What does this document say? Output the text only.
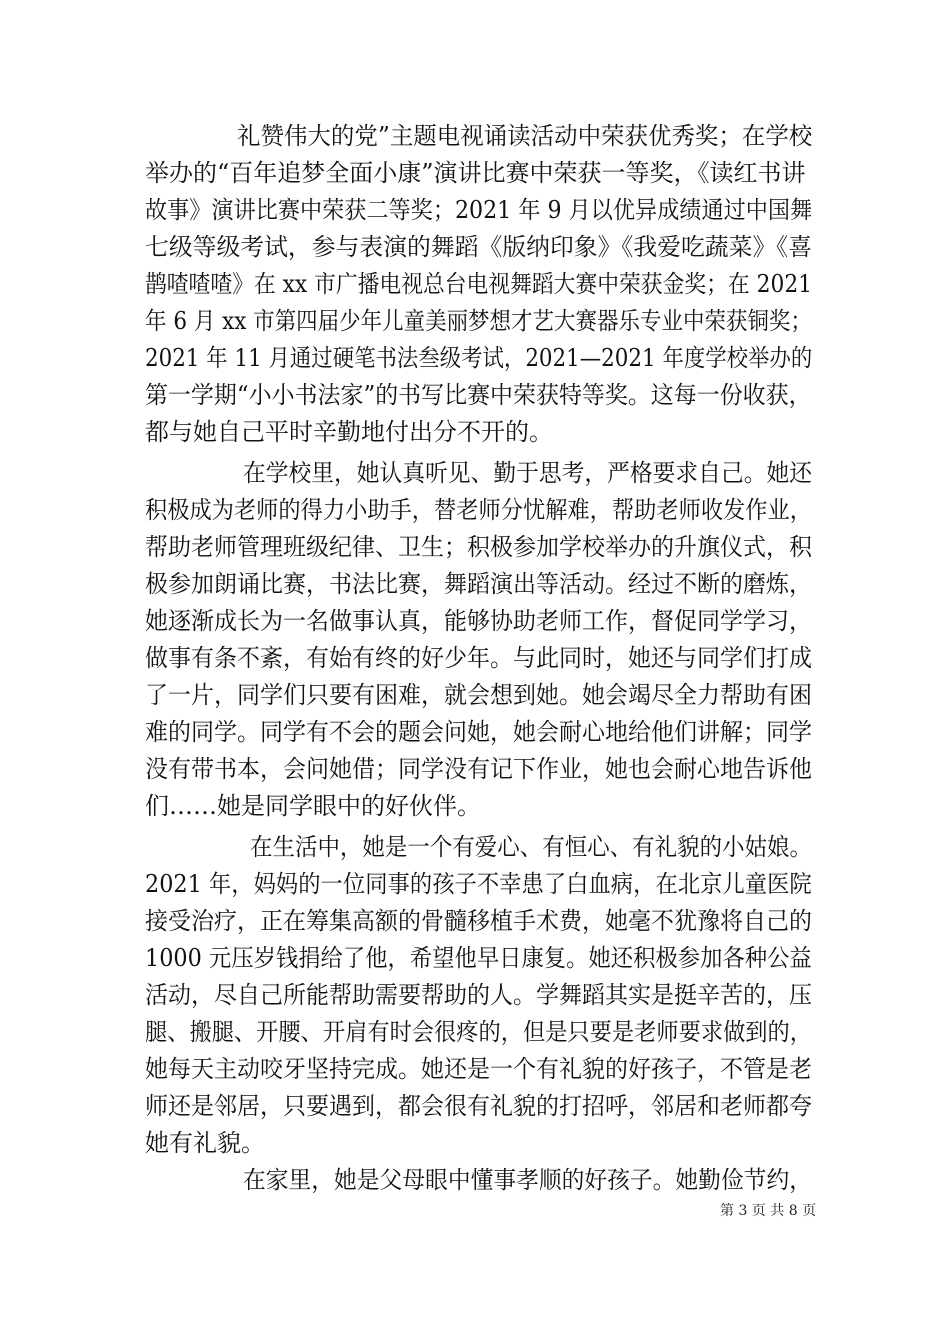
礼赞伟大的党”主题电视诵读活动中荣获优秀奖；在学校
举办的“百年追梦全面小康”演讲比赛中荣获一等奖，《读红书讲
故事》演讲比赛中荣获二等奖；2021 年 9 月以优异成绩通过中国舞
七级等级考试，参与表演的舞蹈《版纳印象》《我爱吃蔬菜》《喜
鹊喳喳喳》在 xx 市广播电视总台电视舞蹈大赛中荣获金奖；在 2021
年 6 月 xx 市第四届少年儿童美丽梦想才艺大赛器乐专业中荣获铜奖；
2021 年 11 月通过硬笔书法叁级考试，2021—2021 年度学校举办的
第一学期“小小书法家”的书写比赛中荣获特等奖。这每一份收获，
都与她自己平时辛勤地付出分不开的。
在学校里，她认真听见、勤于思考，严格要求自己。她还
积极成为老师的得力小助手，替老师分忧解难，帮助老师收发作业，
帮助老师管理班级纪律、卫生；积极参加学校举办的升旗仪式，积
极参加朗诵比赛，书法比赛，舞蹈演出等活动。经过不断的磨炼，
她逐渐成长为一名做事认真，能够协助老师工作，督促同学学习，
做事有条不紊，有始有终的好少年。与此同时，她还与同学们打成
了一片，同学们只要有困难，就会想到她。她会竭尽全力帮助有困
难的同学。同学有不会的题会问她，她会耐心地给他们讲解；同学
没有带书本，会问她借；同学没有记下作业，她也会耐心地告诉他
们……她是同学眼中的好伙伴。
在生活中，她是一个有爱心、有恒心、有礼貌的小姑娘。
2021 年，妈妈的一位同事的孩子不幸患了白血病，在北京儿童医院
接受治疗，正在筹集高额的骨髓移植手术费，她毫不犹豫将自己的
1000 元压岁钱捐给了他，希望他早日康复。她还积极参加各种公益
活动，尽自己所能帮助需要帮助的人。学舞蹈其实是挺辛苦的，压
腿、搬腿、开腰、开肩有时会很疼的，但是只要是老师要求做到的，
她每天主动咬牙坚持完成。她还是一个有礼貌的好孩子，不管是老
师还是邻居，只要遇到，都会很有礼貌的打招呼，邻居和老师都夸
她有礼貌。
在家里，她是父母眼中懂事孝顺的好孩子。她勤俭节约，
第 3 页 共 8 页
